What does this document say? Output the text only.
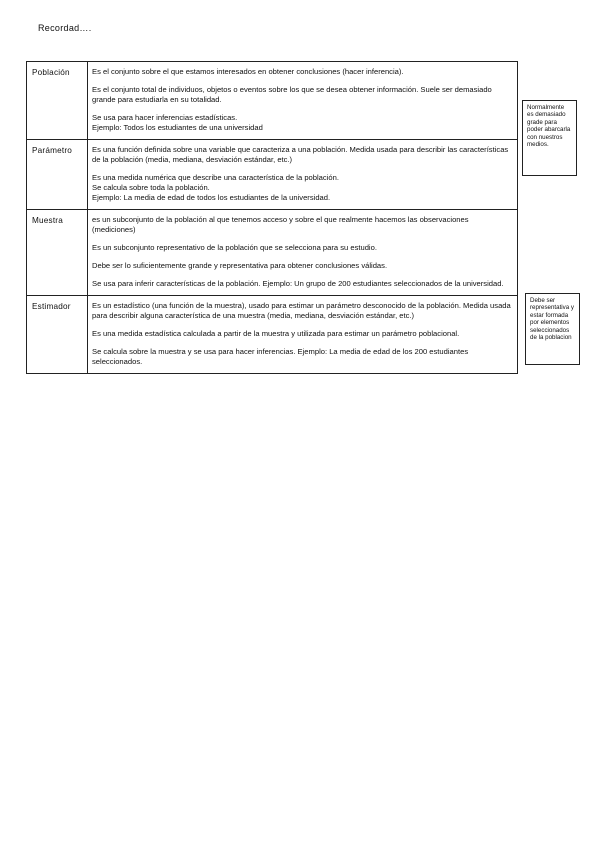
Recordad….
Población	Es el conjunto sobre el que estamos interesados en obtener conclusiones (hacer inferencia).

Es el conjunto total de individuos, objetos o eventos sobre los que se desea obtener información. Suele ser demasiado grande para estudiarla en su totalidad.

Se usa para hacer inferencias estadísticas.
Ejemplo: Todos los estudiantes de una universidad

Parámetro	Es una función definida sobre una variable que caracteriza a una población. Medida usada para describir las características de la población (media, mediana, desviación estándar, etc.)

Es una medida numérica que describe una característica de la población.
Se calcula sobre toda la población.
Ejemplo: La media de edad de todos los estudiantes de la universidad.

Muestra	es un subconjunto de la población al que tenemos acceso y sobre el que realmente hacemos las observaciones (mediciones)

Es un subconjunto representativo de la población que se selecciona para su estudio.

Debe ser lo suficientemente grande y representativa para obtener conclusiones válidas.

Se usa para inferir características de la población. Ejemplo: Un grupo de 200 estudiantes seleccionados de la universidad.

Estimador	Es un estadístico (una función de la muestra), usado para estimar un parámetro desconocido de la población. Medida usada para describir alguna característica de una muestra (media, mediana, desviación estándar, etc.)

Es una medida estadística calculada a partir de la muestra y utilizada para estimar un parámetro poblacional.

Se calcula sobre la muestra y se usa para hacer inferencias. Ejemplo: La media de edad de los 200 estudiantes seleccionados.

Normalmente es demasiado grade para poder abarcarla con nuestros medios.
Debe ser representativa y estar formada por elementos seleccionados de la poblacion
